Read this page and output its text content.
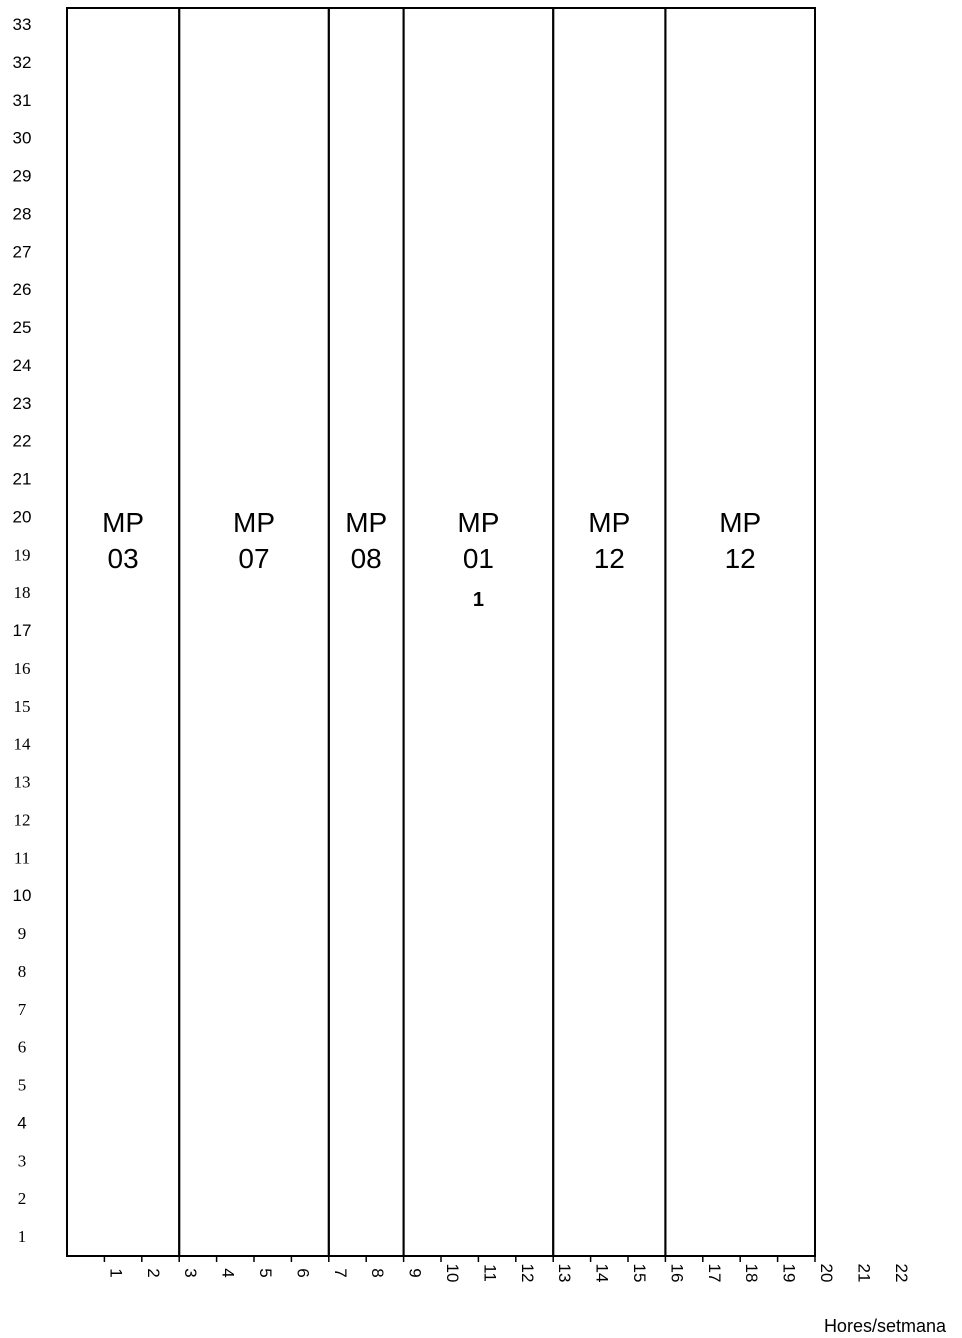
1
2
3
4
5
6
7
8
9
10
11
12
13
14
15
16
17
18
19
20
21
22
23
24
25
26
27
28
29
30
31
32
33
MP
03
MP
07
MP
08
MP
01
1
MP
12
MP
12
1 2 3 4 5 6 7 8 9 10 11 12 13 14 15 16 17 18 19 20 21 22
Hores/setmana
